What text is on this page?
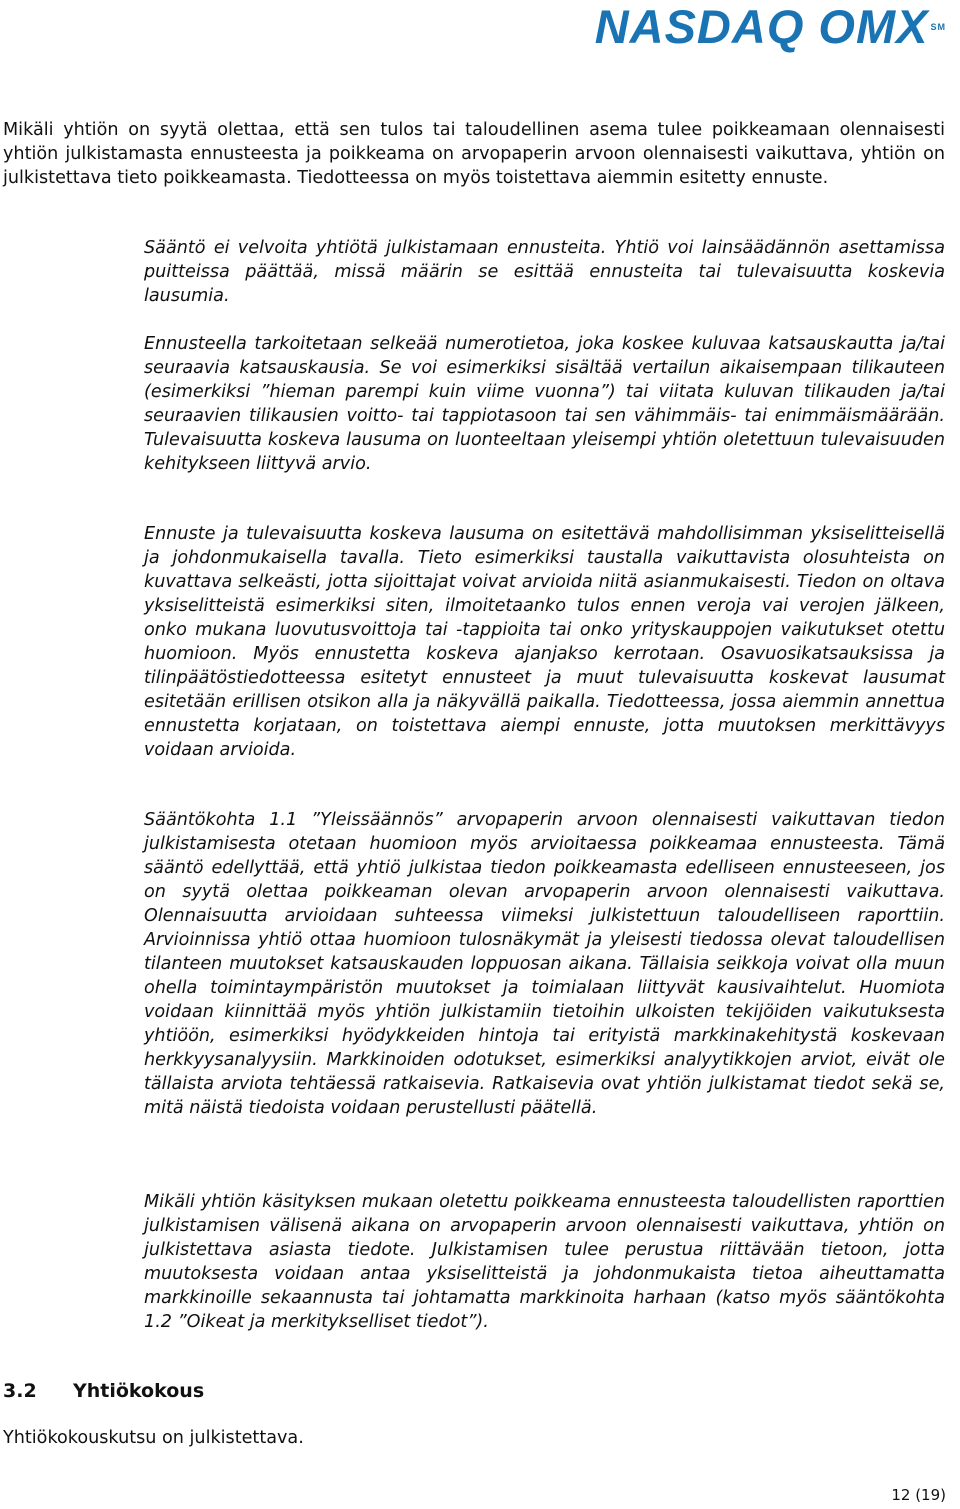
NASDAQ OMX ℠

Mikäli yhtiön on syytä olettaa, että sen tulos tai taloudellinen asema tulee poikkeamaan olennaisesti yhtiön julkistamasta ennusteesta ja poikkeama on arvopaperin arvoon olennaisesti vaikuttava, yhtiön on julkistettava tieto poikkeamasta. Tiedotteessa on myös toistettava aiemmin esitetty ennuste.

Sääntö ei velvoita yhtiötä julkistamaan ennusteita. Yhtiö voi lainsäädännön asettamissa puitteissa päättää, missä määrin se esittää ennusteita tai tulevaisuutta koskevia lausumia.

Ennusteella tarkoitetaan selkeää numerotietoa, joka koskee kuluvaa katsauskautta ja/tai seuraavia katsauskausia. Se voi esimerkiksi sisältää vertailun aikaisempaan tilikauteen (esimerkiksi ”hieman parempi kuin viime vuonna”) tai viitata kuluvan tilikauden ja/tai seuraavien tilikausien voitto- tai tappiotasoon tai sen vähimmäis- tai enimmäismäärään. Tulevaisuutta koskeva lausuma on luonteeltaan yleisempi yhtiön oletettuun tulevaisuuden kehitykseen liittyvä arvio.

Ennuste ja tulevaisuutta koskeva lausuma on esitettävä mahdollisimman yksiselitteisellä ja johdonmukaisella tavalla. Tieto esimerkiksi taustalla vaikuttavista olosuhteista on kuvattava selkeästi, jotta sijoittajat voivat arvioida niitä asianmukaisesti. Tiedon on oltava yksiselitteistä esimerkiksi siten, ilmoitetaanko tulos ennen veroja vai verojen jälkeen, onko mukana luovutusvoittoja tai -tappioita tai onko yrityskauppojen vaikutukset otettu huomioon. Myös ennustetta koskeva ajanjakso kerrotaan. Osavuosikatsauksissa ja tilinpäätöstiedotteessa esitetyt ennusteet ja muut tulevaisuutta koskevat lausumat esitetään erillisen otsikon alla ja näkyvällä paikalla. Tiedotteessa, jossa aiemmin annettua ennustetta korjataan, on toistettava aiempi ennuste, jotta muutoksen merkittävyys voidaan arvioida.

Sääntökohta 1.1 ”Yleissäännös” arvopaperin arvoon olennaisesti vaikuttavan tiedon julkistamisesta otetaan huomioon myös arvioitaessa poikkeamaa ennusteesta. Tämä sääntö edellyttää, että yhtiö julkistaa tiedon poikkeamasta edelliseen ennusteeseen, jos on syytä olettaa poikkeaman olevan arvopaperin arvoon olennaisesti vaikuttava. Olennaisuutta arvioidaan suhteessa viimeksi julkistettuun taloudelliseen raporttiin. Arvioinnissa yhtiö ottaa huomioon tulosnäkymät ja yleisesti tiedossa olevat taloudellisen tilanteen muutokset katsauskauden loppuosan aikana. Tällaisia seikkoja voivat olla muun ohella toimintaympäristön muutokset ja toimialaan liittyvät kausivaihtelut. Huomiota voidaan kiinnittää myös yhtiön julkistamiin tietoihin ulkoisten tekijöiden vaikutuksesta yhtiöön, esimerkiksi hyödykkeiden hintoja tai erityistä markkinakehitystä koskevaan herkkyysanalyysiin. Markkinoiden odotukset, esimerkiksi analyytikkojen arviot, eivät ole tällaista arviota tehtäessä ratkaisevia. Ratkaisevia ovat yhtiön julkistamat tiedot sekä se, mitä näistä tiedoista voidaan perustellusti päätellä.

Mikäli yhtiön käsityksen mukaan oletettu poikkeama ennusteesta taloudellisten raporttien julkistamisen välisenä aikana on arvopaperin arvoon olennaisesti vaikuttava, yhtiön on julkistettava asiasta tiedote. Julkistamisen tulee perustua riittävään tietoon, jotta muutoksesta voidaan antaa yksiselitteistä ja johdonmukaista tietoa aiheuttamatta markkinoille sekaannusta tai johtamatta markkinoita harhaan (katso myös sääntökohta 1.2 ”Oikeat ja merkitykselliset tiedot”).

3.2 Yhtiökokous

Yhtiökokouskutsu on julkistettava.

12 (19)
